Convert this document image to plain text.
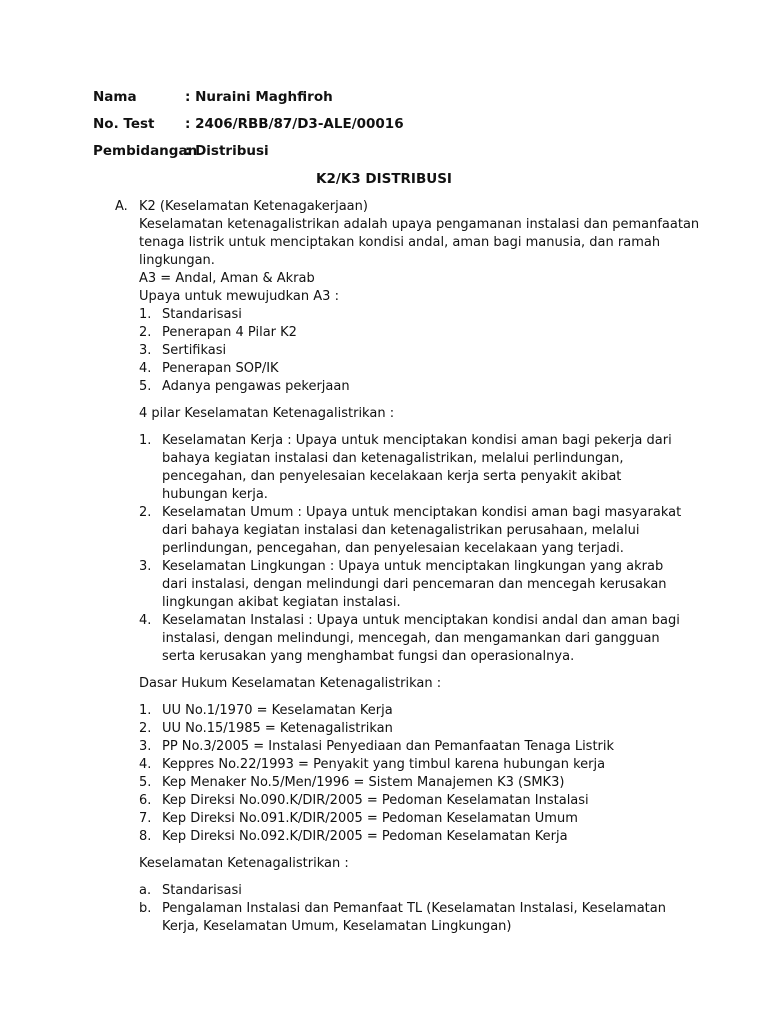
Nama	: Nuraini Maghfiroh
No. Test : 2406/RBB/87/D3-ALE/00016
Pembidangan: Distribusi
K2/K3 DISTRIBUSI
A. K2 (Keselamatan Ketenagakerjaan)
Keselamatan ketenagalistrikan adalah upaya pengamanan instalasi dan pemanfaatan
tenaga listrik untuk menciptakan kondisi andal, aman bagi manusia, dan ramah
lingkungan.
A3 = Andal, Aman & Akrab
Upaya untuk mewujudkan A3 :
1. Standarisasi
2. Penerapan 4 Pilar K2
3. Sertifikasi
4. Penerapan SOP/IK
5. Adanya pengawas pekerjaan
4 pilar Keselamatan Ketenagalistrikan :
1. Keselamatan Kerja : Upaya untuk menciptakan kondisi aman bagi pekerja dari bahaya kegiatan instalasi dan ketenagalistrikan, melalui perlindungan, pencegahan, dan penyelesaian kecelakaan kerja serta penyakit akibat hubungan kerja.
2. Keselamatan Umum : Upaya untuk menciptakan kondisi aman bagi masyarakat dari bahaya kegiatan instalasi dan ketenagalistrikan perusahaan, melalui perlindungan, pencegahan, dan penyelesaian kecelakaan yang terjadi.
3. Keselamatan Lingkungan : Upaya untuk menciptakan lingkungan yang akrab dari instalasi, dengan melindungi dari pencemaran dan mencegah kerusakan lingkungan akibat kegiatan instalasi.
4. Keselamatan Instalasi : Upaya untuk menciptakan kondisi andal dan aman bagi instalasi, dengan melindungi, mencegah, dan mengamankan dari gangguan serta kerusakan yang menghambat fungsi dan operasionalnya.
Dasar Hukum Keselamatan Ketenagalistrikan :
1. UU No.1/1970 = Keselamatan Kerja
2. UU No.15/1985 = Ketenagalistrikan
3. PP No.3/2005 = Instalasi Penyediaan dan Pemanfaatan Tenaga Listrik
4. Keppres No.22/1993 = Penyakit yang timbul karena hubungan kerja
5. Kep Menaker No.5/Men/1996 = Sistem Manajemen K3 (SMK3)
6. Kep Direksi No.090.K/DIR/2005 = Pedoman Keselamatan Instalasi
7. Kep Direksi No.091.K/DIR/2005 = Pedoman Keselamatan Umum
8. Kep Direksi No.092.K/DIR/2005 = Pedoman Keselamatan Kerja
Keselamatan Ketenagalistrikan :
a. Standarisasi
b. Pengalaman Instalasi dan Pemanfaat TL (Keselamatan Instalasi, Keselamatan Kerja, Keselamatan Umum, Keselamatan Lingkungan)
